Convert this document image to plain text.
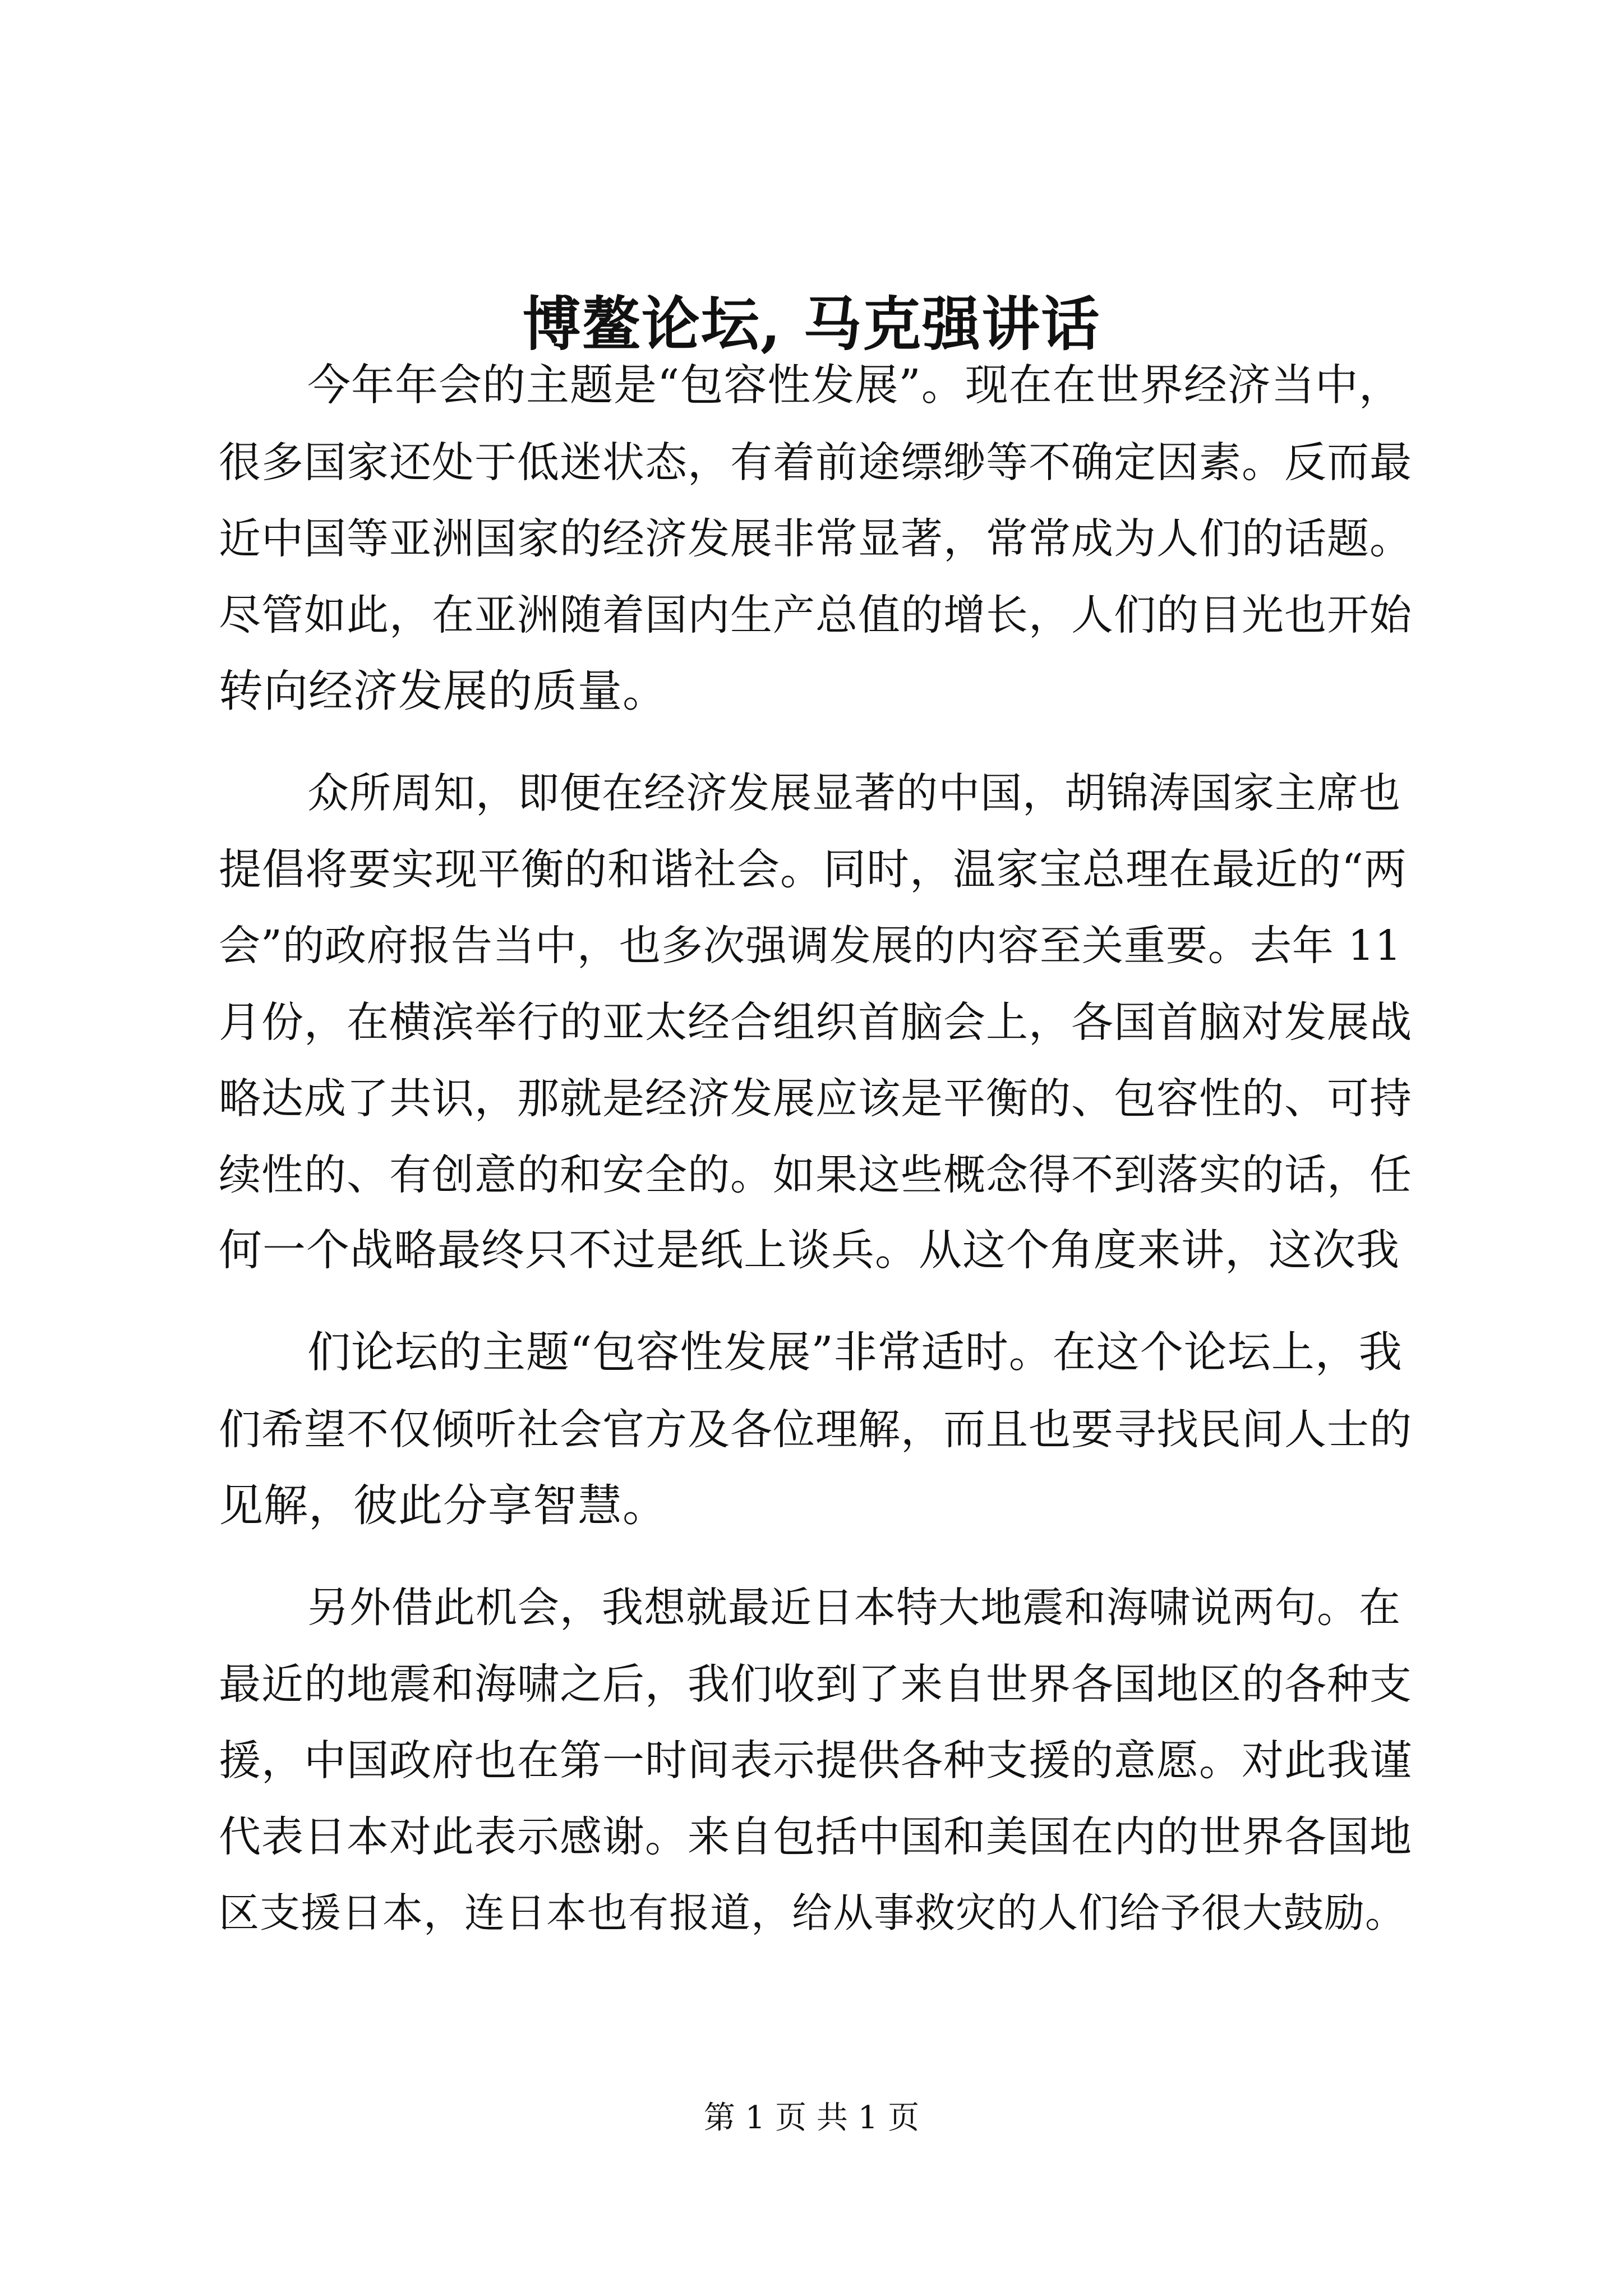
博鳌论坛, 马克强讲话
今年年会的主题是“包容性发展”。现在在世界经济当中，
很多国家还处于低迷状态，有着前途缥缈等不确定因素。反而最
近中国等亚洲国家的经济发展非常显著，常常成为人们的话题。
尽管如此，在亚洲随着国内生产总值的增长，人们的目光也开始
转向经济发展的质量。
众所周知，即便在经济发展显著的中国，胡锦涛国家主席也
提倡将要实现平衡的和谐社会。同时，温家宝总理在最近的“两
会”的政府报告当中，也多次强调发展的内容至关重要。去年 11
月份，在横滨举行的亚太经合组织首脑会上，各国首脑对发展战
略达成了共识，那就是经济发展应该是平衡的、包容性的、可持
续性的、有创意的和安全的。如果这些概念得不到落实的话，任
何一个战略最终只不过是纸上谈兵。从这个角度来讲，这次我
们论坛的主题“包容性发展”非常适时。在这个论坛上，我
们希望不仅倾听社会官方及各位理解，而且也要寻找民间人士的
见解，彼此分享智慧。
另外借此机会，我想就最近日本特大地震和海啸说两句。在
最近的地震和海啸之后，我们收到了来自世界各国地区的各种支
援，中国政府也在第一时间表示提供各种支援的意愿。对此我谨
代表日本对此表示感谢。来自包括中国和美国在内的世界各国地
区支援日本，连日本也有报道，给从事救灾的人们给予很大鼓励。
第 1 页 共 1 页
